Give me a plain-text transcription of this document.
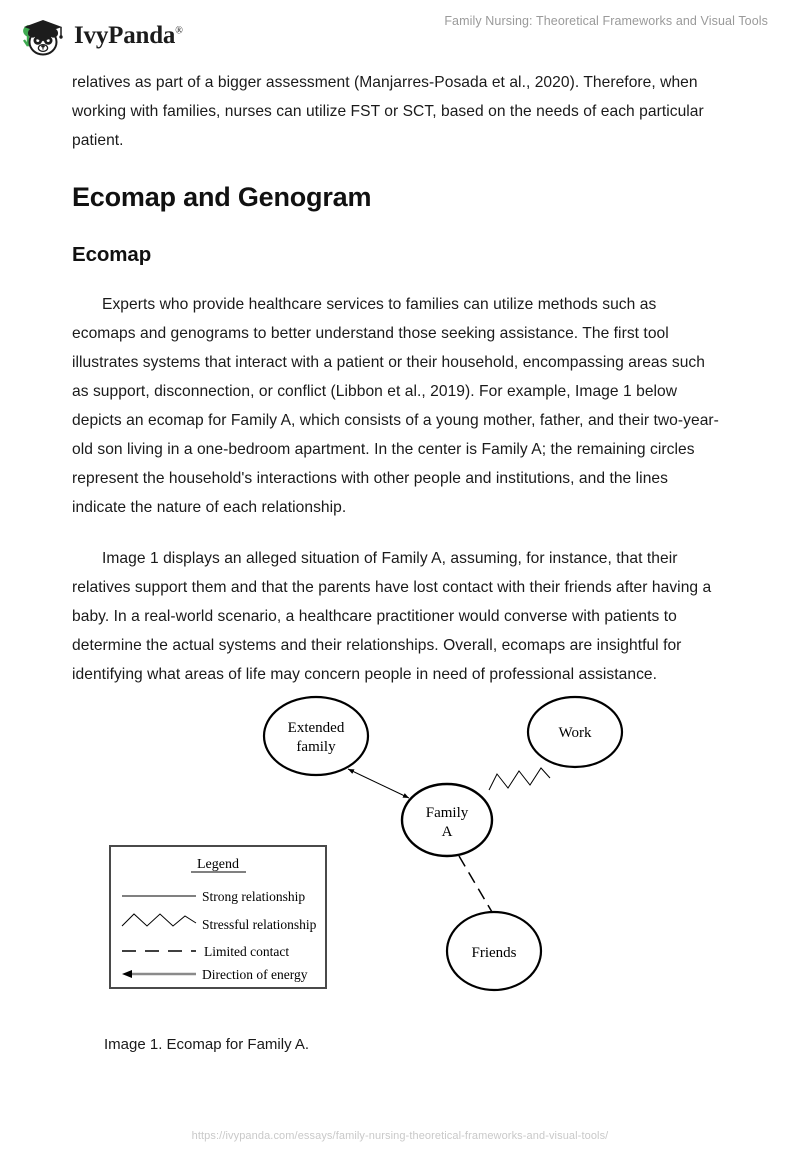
IvyPanda®
Family Nursing: Theoretical Frameworks and Visual Tools

relatives as part of a bigger assessment (Manjarres-Posada et al., 2020). Therefore, when working with families, nurses can utilize FST or SCT, based on the needs of each particular patient.

Ecomap and Genogram
Ecomap

Experts who provide healthcare services to families can utilize methods such as ecomaps and genograms to better understand those seeking assistance. The first tool illustrates systems that interact with a patient or their household, encompassing areas such as support, disconnection, or conflict (Libbon et al., 2019). For example, Image 1 below depicts an ecomap for Family A, which consists of a young mother, father, and their two-year-old son living in a one-bedroom apartment. In the center is Family A; the remaining circles represent the household's interactions with other people and institutions, and the lines indicate the nature of each relationship.

Image 1 displays an alleged situation of Family A, assuming, for instance, that their relatives support them and that the parents have lost contact with their friends after having a baby. In a real-world scenario, a healthcare practitioner would converse with patients to determine the actual systems and their relationships. Overall, ecomaps are insightful for identifying what areas of life may concern people in need of professional assistance.

Extended
family
Work
Family
A
Friends
Legend
Strong relationship
Stressful relationship
Limited contact
Direction of energy
Image 1. Ecomap for Family A.
https://ivypanda.com/essays/family-nursing-theoretical-frameworks-and-visual-tools/
